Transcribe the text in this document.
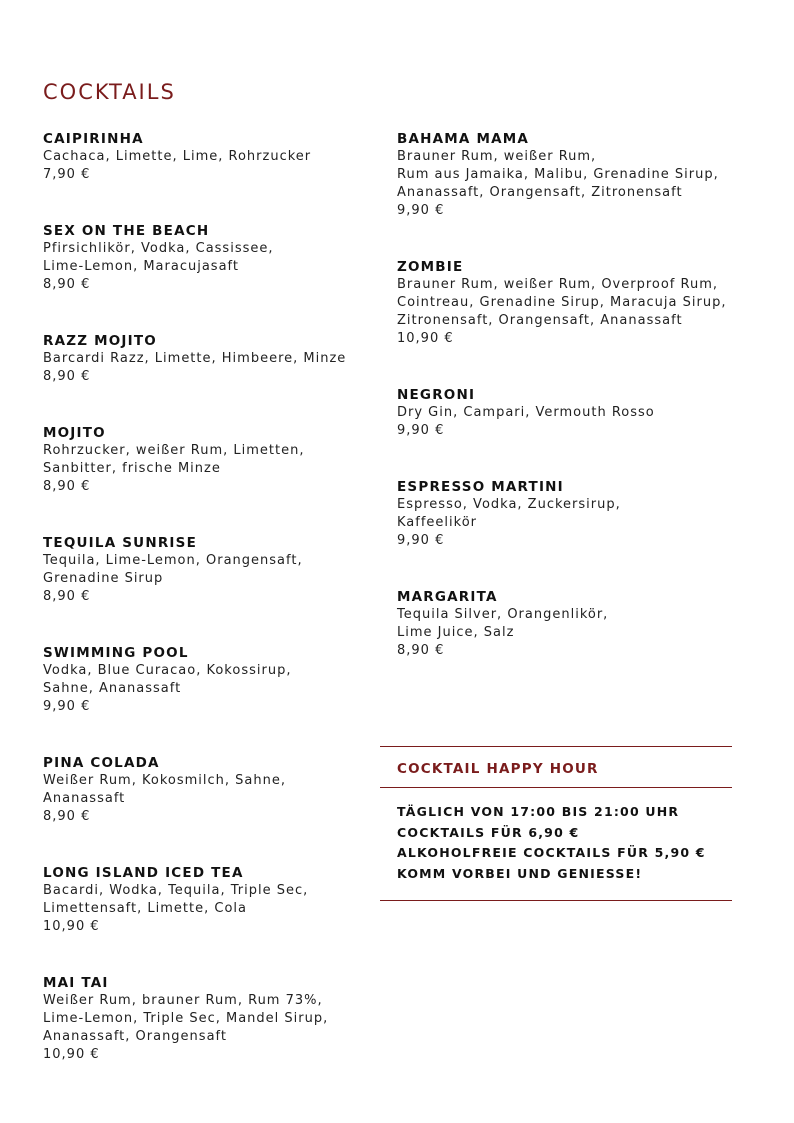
COCKTAILS
CAIPIRINHA
Cachaca, Limette, Lime, Rohrzucker
7,90 €
SEX ON THE BEACH
Pfirsichlikör, Vodka, Cassissee,
Lime-Lemon, Maracujasaft
8,90 €
RAZZ MOJITO
Barcardi Razz, Limette, Himbeere, Minze
8,90 €
MOJITO
Rohrzucker, weißer Rum, Limetten,
Sanbitter, frische Minze
8,90 €
TEQUILA SUNRISE
Tequila, Lime-Lemon, Orangensaft,
Grenadine Sirup
8,90 €
SWIMMING POOL
Vodka, Blue Curacao, Kokossirup,
Sahne, Ananassaft
9,90 €
PINA COLADA
Weißer Rum, Kokosmilch, Sahne,
Ananassaft
8,90 €
LONG ISLAND ICED TEA
Bacardi, Wodka, Tequila, Triple Sec,
Limettensaft, Limette, Cola
10,90 €
MAI TAI
Weißer Rum, brauner Rum, Rum 73%,
Lime-Lemon, Triple Sec, Mandel Sirup,
Ananassaft, Orangensaft
10,90 €
BAHAMA MAMA
Brauner Rum, weißer Rum,
Rum aus Jamaika, Malibu, Grenadine Sirup,
Ananassaft, Orangensaft, Zitronensaft
9,90 €
ZOMBIE
Brauner Rum, weißer Rum, Overproof Rum,
Cointreau, Grenadine Sirup, Maracuja Sirup,
Zitronensaft, Orangensaft, Ananassaft
10,90 €
NEGRONI
Dry Gin, Campari, Vermouth Rosso
9,90 €
ESPRESSO MARTINI
Espresso, Vodka, Zuckersirup,
Kaffeelikör
9,90 €
MARGARITA
Tequila Silver, Orangenlikör,
Lime Juice, Salz
8,90 €
COCKTAIL HAPPY HOUR
TÄGLICH VON 17:00 BIS 21:00 UHR
COCKTAILS FÜR 6,90 €
ALKOHOLFREIE COCKTAILS FÜR 5,90 €
KOMM VORBEI UND GENIESSE!
